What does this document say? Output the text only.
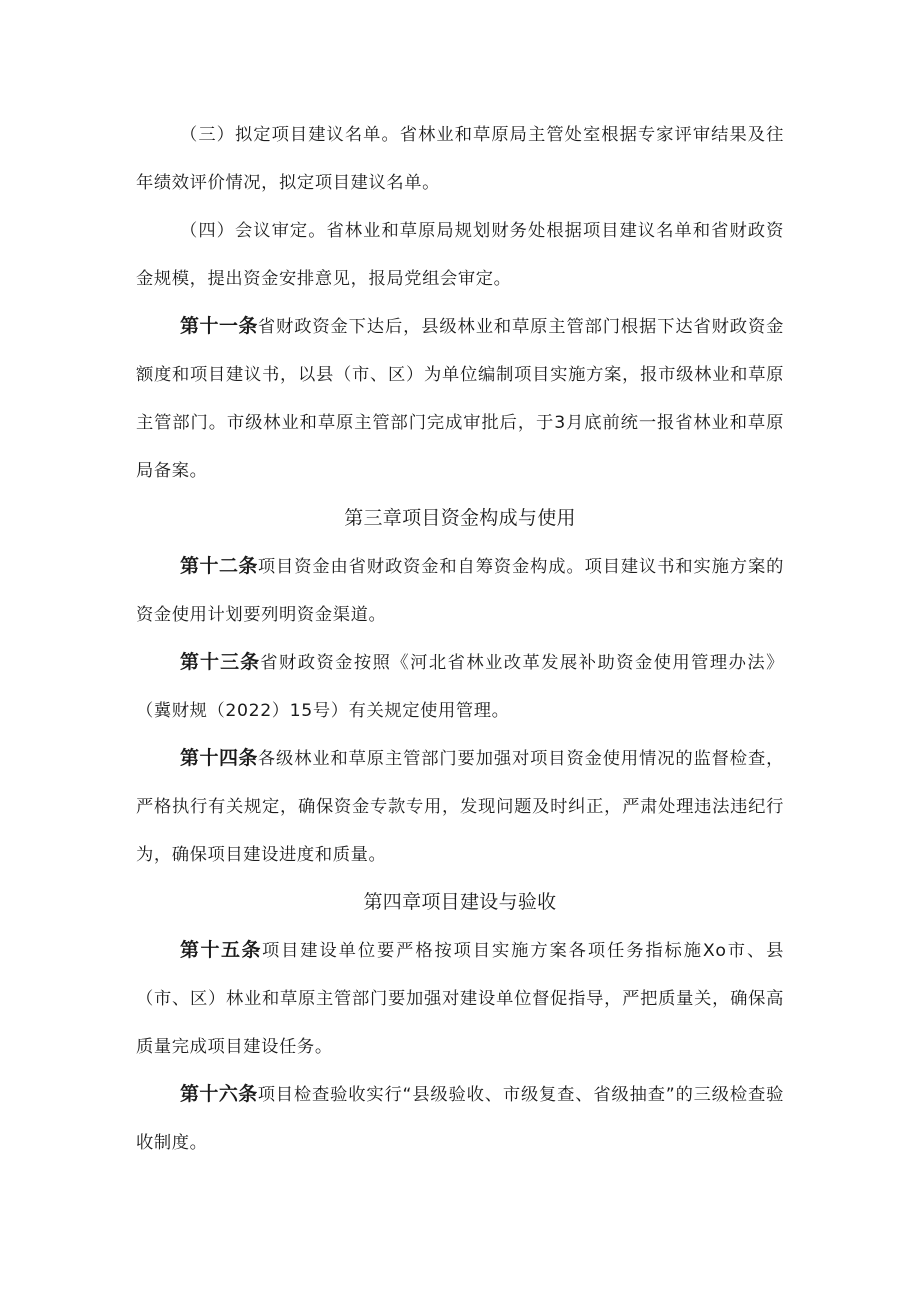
（三）拟定项目建议名单。省林业和草原局主管处室根据专家评审结果及往年绩效评价情况，拟定项目建议名单。

（四）会议审定。省林业和草原局规划财务处根据项目建议名单和省财政资金规模，提出资金安排意见，报局党组会审定。

第十一条省财政资金下达后，县级林业和草原主管部门根据下达省财政资金额度和项目建议书，以县（市、区）为单位编制项目实施方案，报市级林业和草原主管部门。市级林业和草原主管部门完成审批后，于3月底前统一报省林业和草原局备案。

第三章项目资金构成与使用

第十二条项目资金由省财政资金和自筹资金构成。项目建议书和实施方案的资金使用计划要列明资金渠道。

第十三条省财政资金按照《河北省林业改革发展补助资金使用管理办法》（冀财规（2022）15号）有关规定使用管理。

第十四条各级林业和草原主管部门要加强对项目资金使用情况的监督检查，严格执行有关规定，确保资金专款专用，发现问题及时纠正，严肃处理违法违纪行为，确保项目建设进度和质量。

第四章项目建设与验收

第十五条项目建设单位要严格按项目实施方案各项任务指标施Xo市、县（市、区）林业和草原主管部门要加强对建设单位督促指导，严把质量关，确保高质量完成项目建设任务。

第十六条项目检查验收实行“县级验收、市级复查、省级抽查”的三级检查验收制度。
